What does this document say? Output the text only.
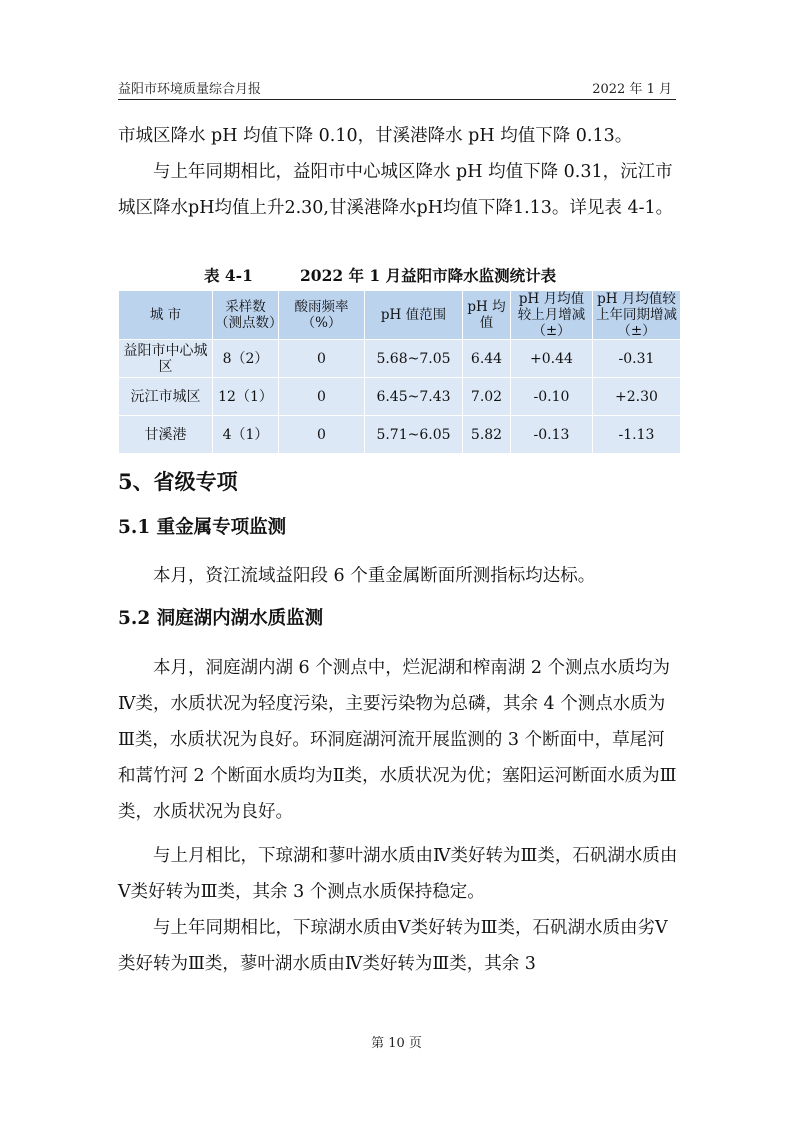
益阳市环境质量综合月报	2022 年 1 月

市城区降水 pH 均值下降 0.10，甘溪港降水 pH 均值下降 0.13。

与上年同期相比，益阳市中心城区降水 pH 均值下降 0.31，沅江市城区降水pH均值上升2.30,甘溪港降水pH均值下降1.13。详见表 4-1。

表 4-1	2022 年 1 月益阳市降水监测统计表
城 市	采样数（测点数）	酸雨频率（%）	pH 值范围	pH 均值	pH 月均值较上月增减（±）	pH 月均值较上年同期增减（±）
益阳市中心城区	8（2）	0	5.68~7.05	6.44	+0.44	-0.31
沅江市城区	12（1）	0	6.45~7.43	7.02	-0.10	+2.30
甘溪港	4（1）	0	5.71~6.05	5.82	-0.13	-1.13
5、省级专项
5.1 重金属专项监测

本月，资江流域益阳段 6 个重金属断面所测指标均达标。

5.2 洞庭湖内湖水质监测

本月，洞庭湖内湖 6 个测点中，烂泥湖和榨南湖 2 个测点水质均为Ⅳ类，水质状况为轻度污染，主要污染物为总磷，其余 4 个测点水质为Ⅲ类，水质状况为良好。环洞庭湖河流开展监测的 3 个断面中，草尾河和蒿竹河 2 个断面水质均为Ⅱ类，水质状况为优；塞阳运河断面水质为Ⅲ类，水质状况为良好。

与上月相比，下琼湖和蓼叶湖水质由Ⅳ类好转为Ⅲ类，石矾湖水质由Ⅴ类好转为Ⅲ类，其余 3 个测点水质保持稳定。

与上年同期相比，下琼湖水质由Ⅴ类好转为Ⅲ类，石矾湖水质由劣Ⅴ类好转为Ⅲ类，蓼叶湖水质由Ⅳ类好转为Ⅲ类，其余 3

第 10 页
